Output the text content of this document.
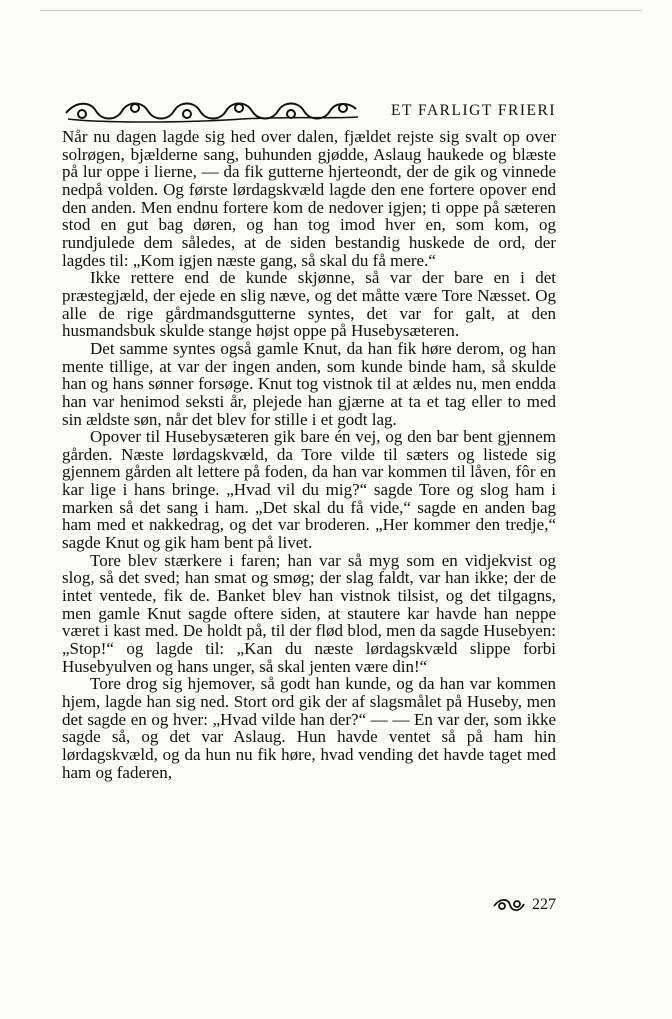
ET FARLIGT FRIERI

Når nu dagen lagde sig hed over dalen, fjældet rejste sig svalt op over solrøgen, bjælderne sang, buhunden gjødde, Aslaug haukede og blæste på lur oppe i lierne, — da fik gutterne hjerteondt, der de gik og vinnede nedpå volden. Og første lørdagskvæld lagde den ene fortere opover end den anden. Men endnu fortere kom de nedover igjen; ti oppe på sæteren stod en gut bag døren, og han tog imod hver en, som kom, og rundjulede dem således, at de siden bestandig huskede de ord, der lagdes til: „Kom igjen næste gang, så skal du få mere.“

Ikke rettere end de kunde skjønne, så var der bare en i det præstegjæld, der ejede en slig næve, og det måtte være Tore Næsset. Og alle de rige gårdmandsgutterne syntes, det var for galt, at den husmandsbuk skulde stange højst oppe på Husebysæteren.

Det samme syntes også gamle Knut, da han fik høre derom, og han mente tillige, at var der ingen anden, som kunde binde ham, så skulde han og hans sønner forsøge. Knut tog vistnok til at ældes nu, men endda han var henimod seksti år, plejede han gjærne at ta et tag eller to med sin ældste søn, når det blev for stille i et godt lag.

Opover til Husebysæteren gik bare én vej, og den bar bent gjennem gården. Næste lørdagskvæld, da Tore vilde til sæters og listede sig gjennem gården alt lettere på foden, da han var kommen til låven, fôr en kar lige i hans bringe. „Hvad vil du mig?“ sagde Tore og slog ham i marken så det sang i ham. „Det skal du få vide,“ sagde en anden bag ham med et nakkedrag, og det var broderen. „Her kommer den tredje,“ sagde Knut og gik ham bent på livet.

Tore blev stærkere i faren; han var så myg som en vidjekvist og slog, så det sved; han smat og smøg; der slag faldt, var han ikke; der de intet ventede, fik de. Banket blev han vistnok tilsist, og det tilgagns, men gamle Knut sagde oftere siden, at stautere kar havde han neppe været i kast med. De holdt på, til der flød blod, men da sagde Husebyen: „Stop!“ og lagde til: „Kan du næste lørdagskvæld slippe forbi Husebyulven og hans unger, så skal jenten være din!“

Tore drog sig hjemover, så godt han kunde, og da han var kommen hjem, lagde han sig ned. Stort ord gik der af slagsmålet på Huseby, men det sagde en og hver: „Hvad vilde han der?“ — — En var der, som ikke sagde så, og det var Aslaug. Hun havde ventet så på ham hin lørdagskvæld, og da hun nu fik høre, hvad vending det havde taget med ham og faderen,

227
